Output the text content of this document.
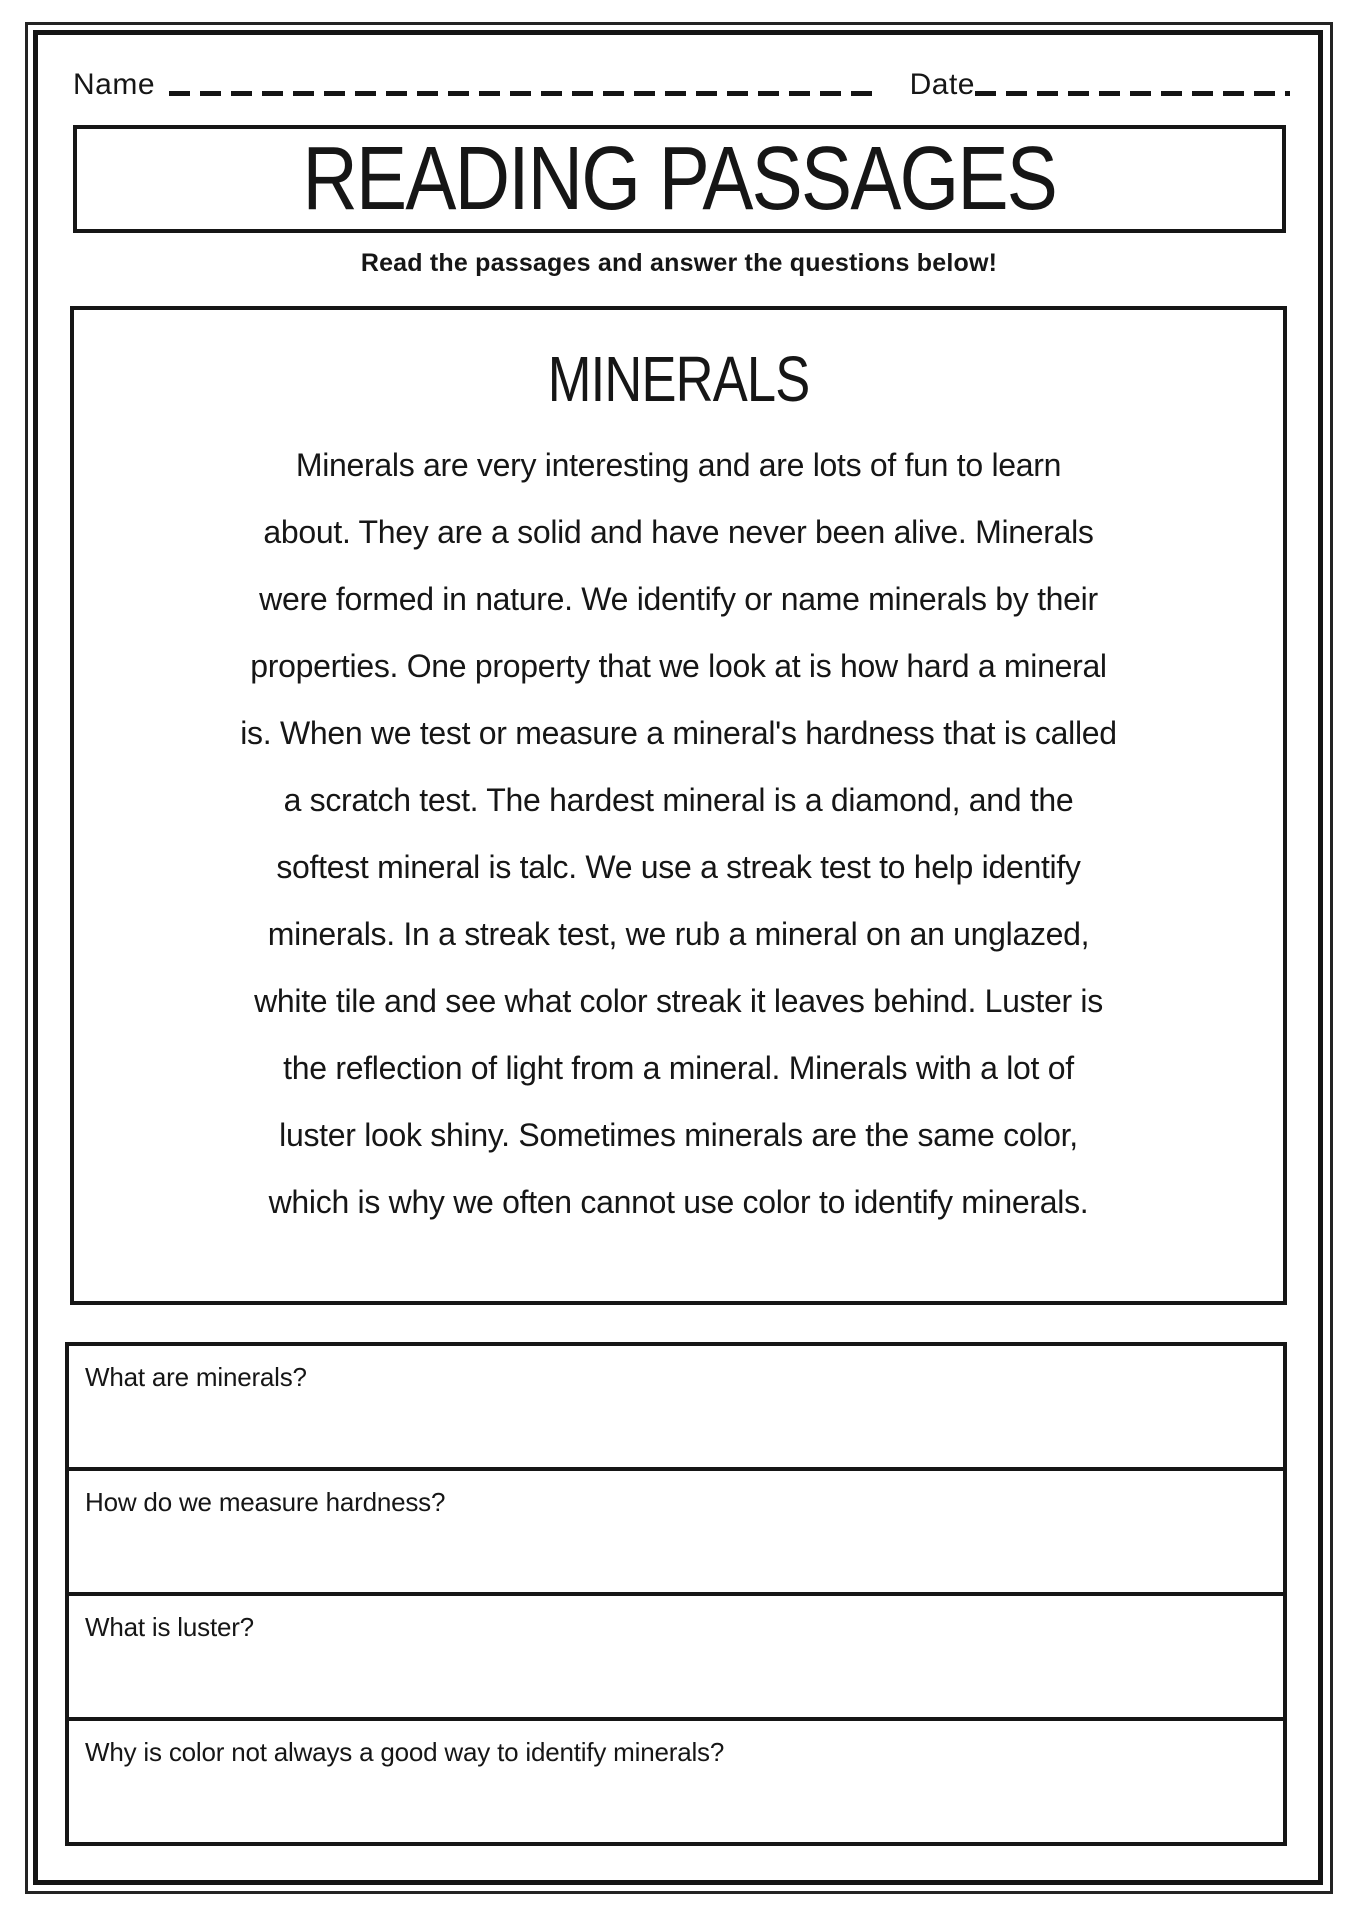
Name	Date
READING PASSAGES
Read the passages and answer the questions below!
MINERALS
Minerals are very interesting and are lots of fun to learn
about. They are a solid and have never been alive. Minerals
were formed in nature. We identify or name minerals by their
properties. One property that we look at is how hard a mineral
is. When we test or measure a mineral's hardness that is called
a scratch test. The hardest mineral is a diamond, and the
softest mineral is talc. We use a streak test to help identify
minerals. In a streak test, we rub a mineral on an unglazed,
white tile and see what color streak it leaves behind. Luster is
the reflection of light from a mineral. Minerals with a lot of
luster look shiny. Sometimes minerals are the same color,
which is why we often cannot use color to identify minerals.
What are minerals?
How do we measure hardness?
What is luster?
Why is color not always a good way to identify minerals?
